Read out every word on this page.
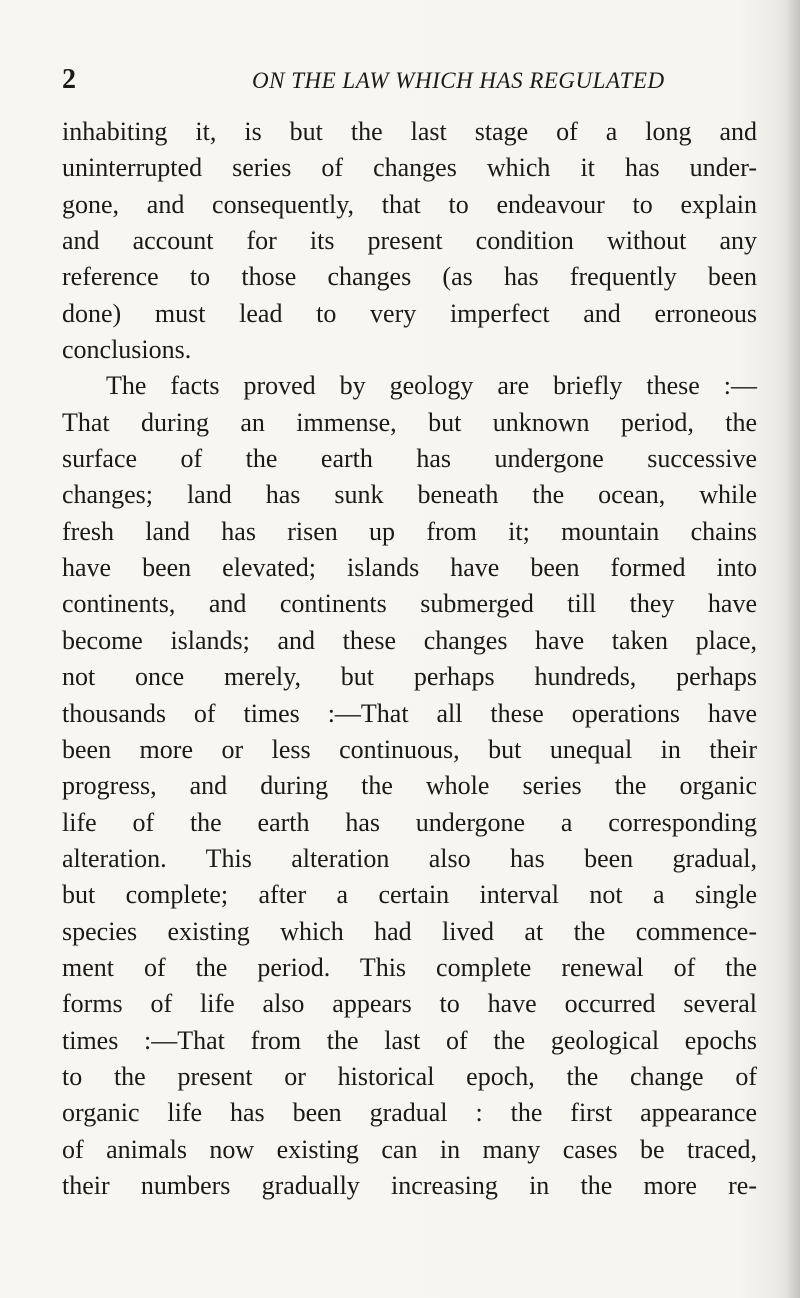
2	ON THE LAW WHICH HAS REGULATED
inhabiting it, is but the last stage of a long and
uninterrupted series of changes which it has under-
gone, and consequently, that to endeavour to explain
and account for its present condition without any
reference to those changes (as has frequently been
done) must lead to very imperfect and erroneous
conclusions.
The facts proved by geology are briefly these :—
That during an immense, but unknown period, the
surface of the earth has undergone successive
changes; land has sunk beneath the ocean, while
fresh land has risen up from it; mountain chains
have been elevated; islands have been formed into
continents, and continents submerged till they have
become islands; and these changes have taken place,
not once merely, but perhaps hundreds, perhaps
thousands of times :—That all these operations have
been more or less continuous, but unequal in their
progress, and during the whole series the organic
life of the earth has undergone a corresponding
alteration. This alteration also has been gradual,
but complete; after a certain interval not a single
species existing which had lived at the commence-
ment of the period. This complete renewal of the
forms of life also appears to have occurred several
times :—That from the last of the geological epochs
to the present or historical epoch, the change of
organic life has been gradual : the first appearance
of animals now existing can in many cases be traced,
their numbers gradually increasing in the more re-
